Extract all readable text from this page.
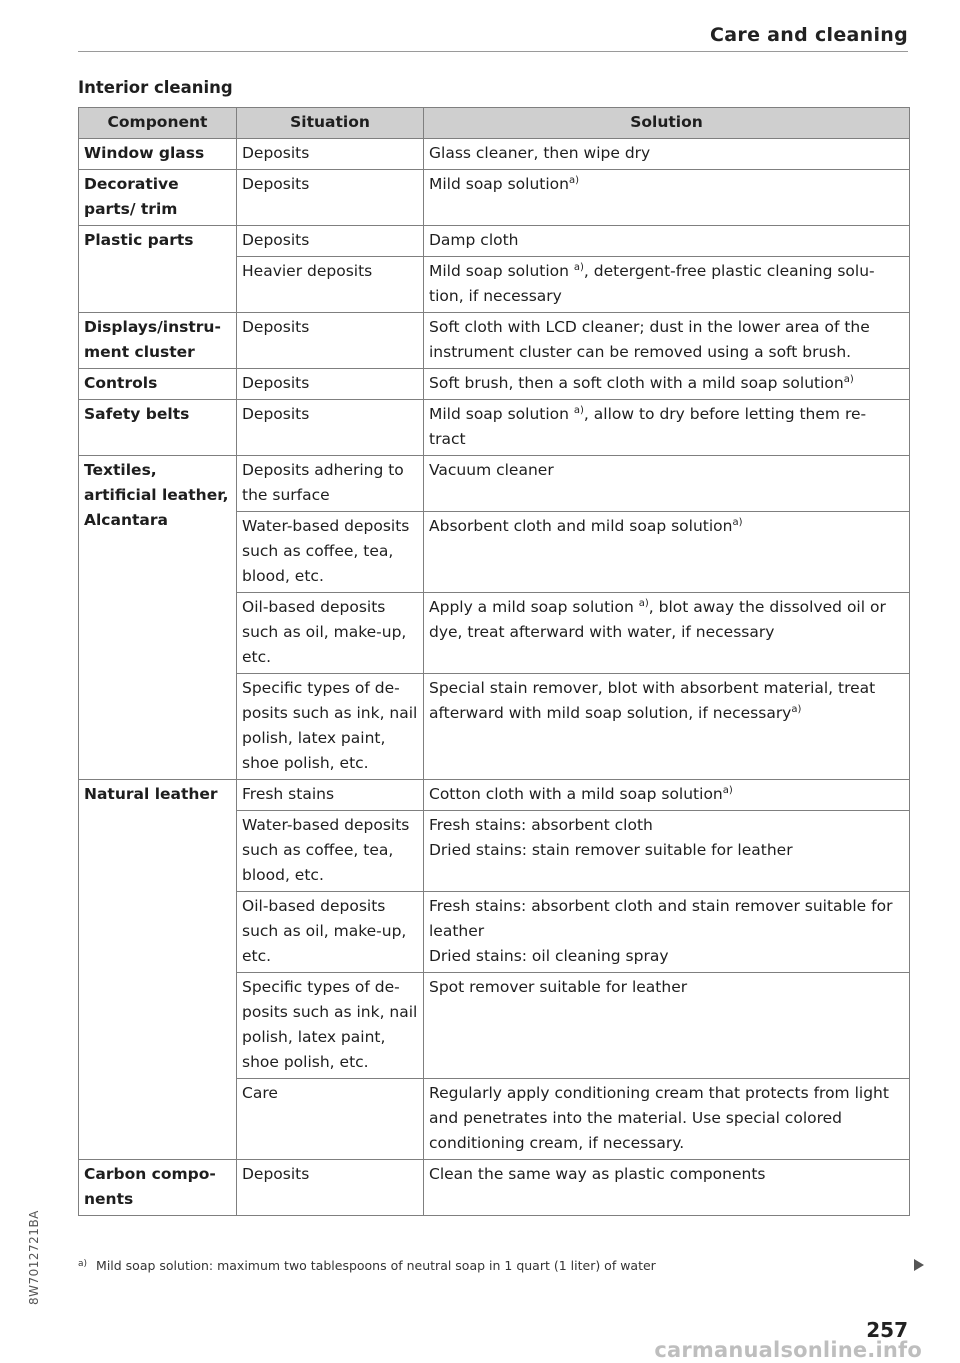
Care and cleaning
Interior cleaning
Component	Situation	Solution
Window glass	Deposits	Glass cleaner, then wipe dry
Decorative parts/ trim	Deposits	Mild soap solution$^{a)}$
Plastic parts	Deposits	Damp cloth
	Heavier deposits	Mild soap solution $^{a)}$, detergent-free plastic cleaning solu- tion, if necessary
Displays/instru- ment cluster	Deposits	Soft cloth with LCD cleaner; dust in the lower area of the instrument cluster can be removed using a soft brush.
Controls	Deposits	Soft brush, then a soft cloth with a mild soap solution$^{a)}$
Safety belts	Deposits	Mild soap solution $^{a)}$, allow to dry before letting them re- tract
Textiles, artificial leather, Alcantara	Deposits adhering to the surface	Vacuum cleaner
	Water-based deposits such as coffee, tea, blood, etc.	Absorbent cloth and mild soap solution$^{a)}$
	Oil-based deposits such as oil, make-up, etc.	Apply a mild soap solution $^{a)}$, blot away the dissolved oil or dye, treat afterward with water, if necessary
	Specific types of de- posits such as ink, nail polish, latex paint, shoe polish, etc.	Special stain remover, blot with absorbent material, treat afterward with mild soap solution, if necessary$^{a)}$
Natural leather	Fresh stains	Cotton cloth with a mild soap solution$^{a)}$
	Water-based deposits such as coffee, tea, blood, etc.	Fresh stains: absorbent cloth
Dried stains: stain remover suitable for leather

	Oil-based deposits such as oil, make-up, etc.	Fresh stains: absorbent cloth and stain remover suitable for leather
Dried stains: oil cleaning spray

	Specific types of de- posits such as ink, nail polish, latex paint, shoe polish, etc.	Spot remover suitable for leather
	Care	Regularly apply conditioning cream that protects from light and penetrates into the material. Use special colored conditioning cream, if necessary.
Carbon compo- nents	Deposits	Clean the same way as plastic components
$^{a)}$ Mild soap solution: maximum two tablespoons of neutral soap in 1 quart (1 liter) of water
8W7012721BA
257
carmanualsonline.info
